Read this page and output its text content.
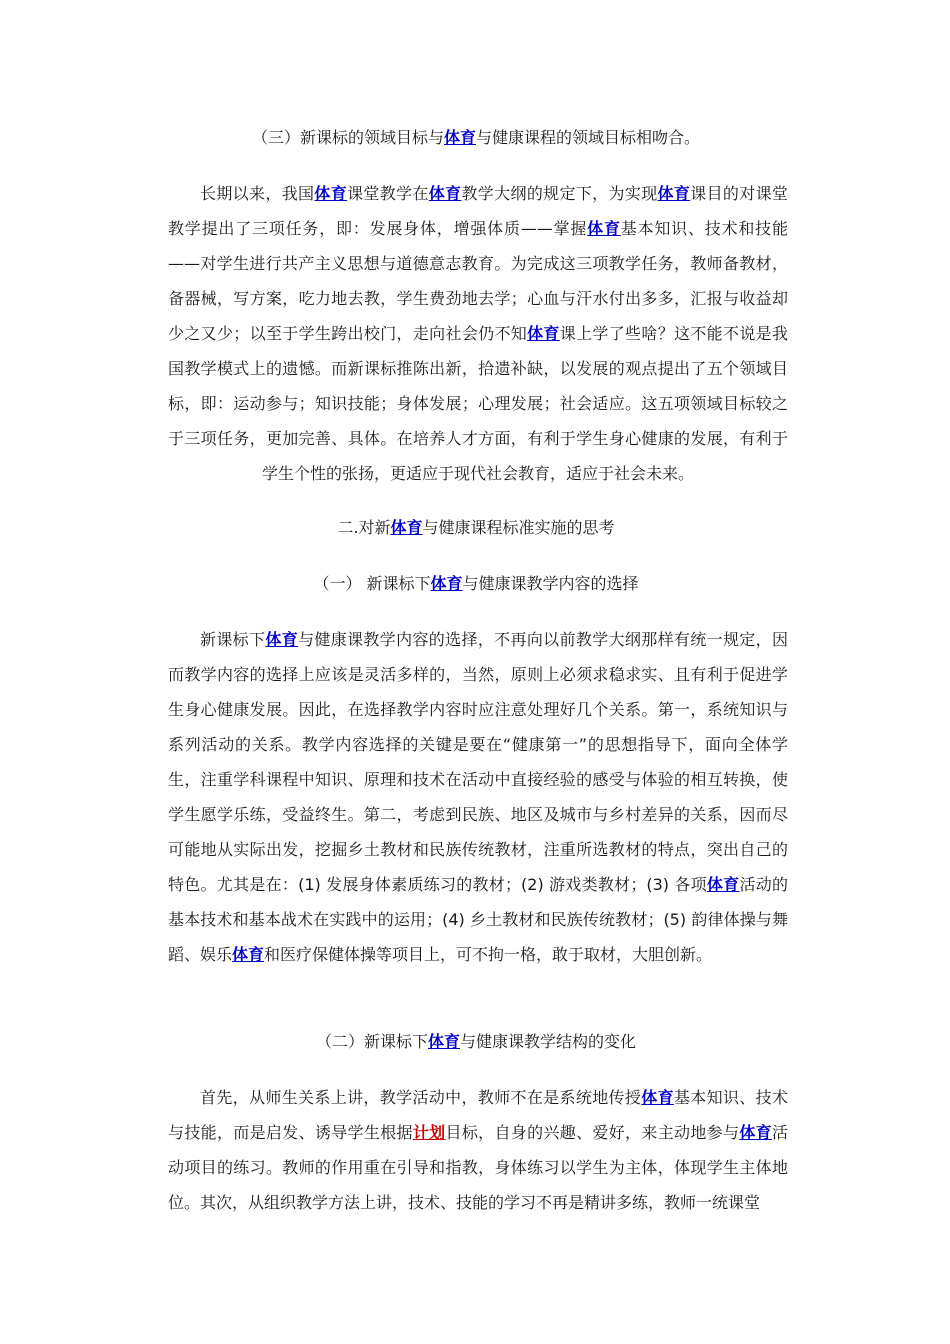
（三）新课标的领域目标与体育与健康课程的领域目标相吻合。

长期以来，我国体育课堂教学在体育教学大纲的规定下，为实现体育课目的对课堂教学提出了三项任务，即：发展身体，增强体质——掌握体育基本知识、技术和技能——对学生进行共产主义思想与道德意志教育。为完成这三项教学任务，教师备教材，备器械，写方案，吃力地去教，学生费劲地去学；心血与汗水付出多多，汇报与收益却少之又少；以至于学生跨出校门，走向社会仍不知体育课上学了些啥？这不能不说是我国教学模式上的遗憾。而新课标推陈出新，拾遗补缺，以发展的观点提出了五个领域目标，即：运动参与；知识技能；身体发展；心理发展；社会适应。这五项领域目标较之于三项任务，更加完善、具体。在培养人才方面，有利于学生身心健康的发展，有利于学生个性的张扬，更适应于现代社会教育，适应于社会未来。

二.对新体育与健康课程标准实施的思考
（一） 新课标下体育与健康课教学内容的选择

新课标下体育与健康课教学内容的选择，不再向以前教学大纲那样有统一规定，因而教学内容的选择上应该是灵活多样的，当然，原则上必须求稳求实、且有利于促进学生身心健康发展。因此，在选择教学内容时应注意处理好几个关系。第一，系统知识与系列活动的关系。教学内容选择的关键是要在“健康第一”的思想指导下，面向全体学生，注重学科课程中知识、原理和技术在活动中直接经验的感受与体验的相互转换，使学生愿学乐练，受益终生。第二，考虑到民族、地区及城市与乡村差异的关系，因而尽可能地从实际出发，挖掘乡土教材和民族传统教材，注重所选教材的特点，突出自己的特色。尤其是在：(1) 发展身体素质练习的教材；(2) 游戏类教材；(3) 各项体育活动的基本技术和基本战术在实践中的运用；(4) 乡土教材和民族传统教材；(5) 韵律体操与舞蹈、娱乐体育和医疗保健体操等项目上，可不拘一格，敢于取材，大胆创新。

（二）新课标下体育与健康课教学结构的变化

首先，从师生关系上讲，教学活动中，教师不在是系统地传授体育基本知识、技术与技能，而是启发、诱导学生根据计划目标，自身的兴趣、爱好，来主动地参与体育活动项目的练习。教师的作用重在引导和指教，身体练习以学生为主体，体现学生主体地位。其次，从组织教学方法上讲，技术、技能的学习不再是精讲多练，教师一统课堂
